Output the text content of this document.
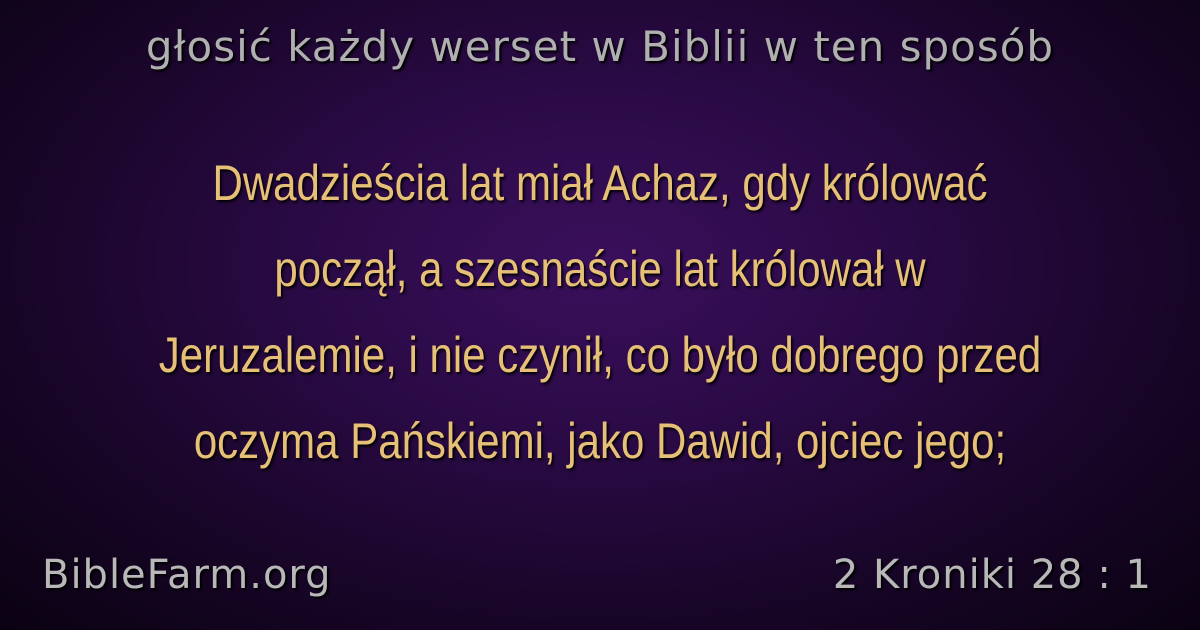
głosić każdy werset w Biblii w ten sposób
Dwadzieścia lat miał Achaz, gdy królować
począł, a szesnaście lat królował w
Jeruzalemie, i nie czynił, co było dobrego przed
oczyma Pańskiemi, jako Dawid, ojciec jego;
BibleFarm.org	2 Kroniki 28 : 1
